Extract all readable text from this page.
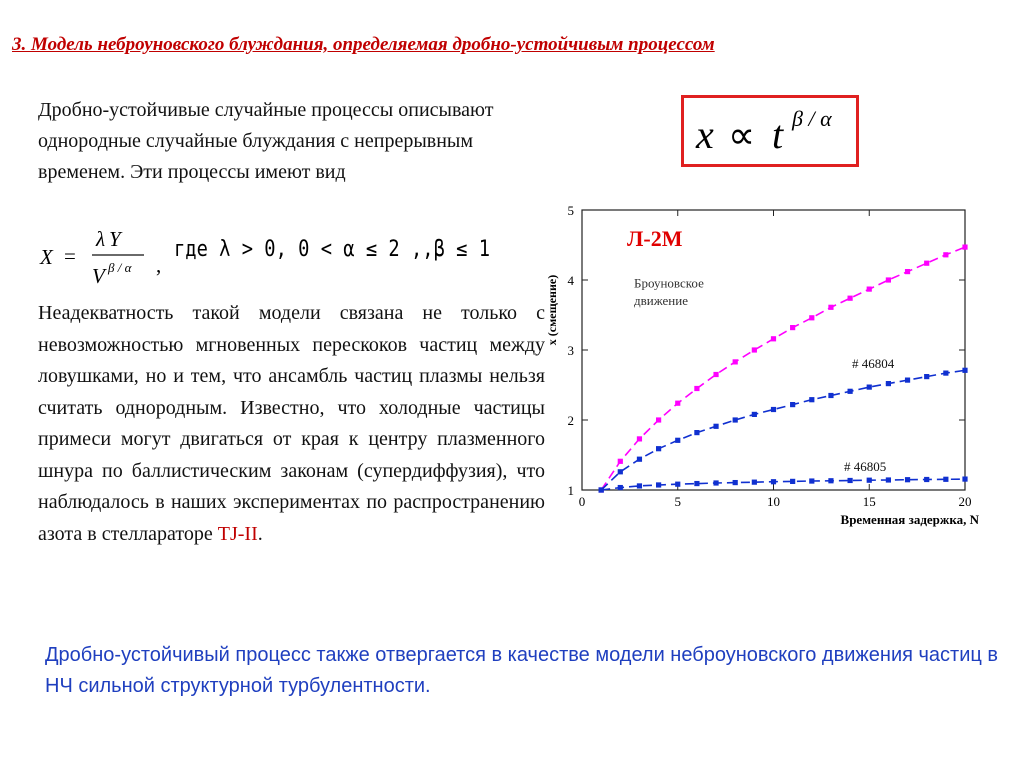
3. Модель неброуновского блуждания, определяемая дробно-устойчивым процессом
Дробно-устойчивые случайные процессы описывают однородные случайные блуждания с непрерывным временем. Эти процессы имеют вид
X =
λ Y
V β / α ,
где λ > 0, 0 < α ≤ 2 ,,β ≤ 1
Неадекватность такой модели связана не только с невозможностью мгновенных перескоков частиц между ловушками, но и тем, что ансамбль частиц плазмы нельзя считать однородным. Известно, что холодные частицы примеси могут двигаться от края к центру плазменного шнура по баллистическим законам (супердиффузия), что наблюдалось в наших экспериментах по распространению азота в стеллараторе TJ-II.
x ∝ t β / α
0	5	10	15	20
1
2
3
4
5
Временная задержка, N
x (смещение)
Л-2М
Броуновское
движение
# 46804
# 46805
Дробно-устойчивый процесс также отвергается в качестве модели неброуновского движения частиц в НЧ сильной структурной турбулентности.
